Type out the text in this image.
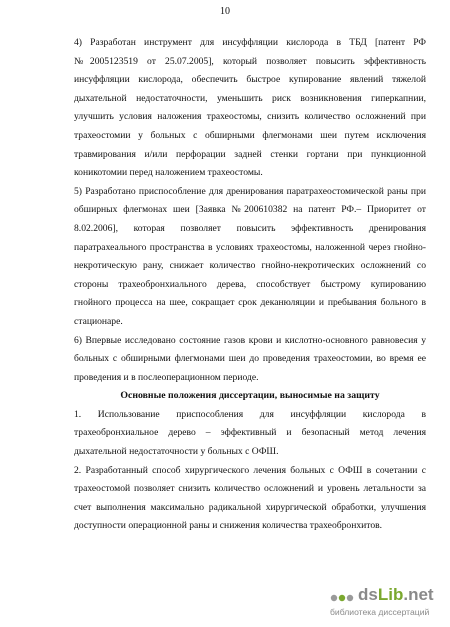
10

4) Разработан инструмент для инсуффляции кислорода в ТБД [патент РФ №2005123519 от 25.07.2005], который позволяет повысить эффективность инсуффляции кислорода, обеспечить быстрое купирование явлений тяжелой дыхательной недостаточности, уменьшить риск возникновения гиперкапнии, улучшить условия наложения трахеостомы, снизить количество осложнений при трахеостомии у больных с обширными флегмонами шеи путем исключения травмирования и/или перфорации задней стенки гортани при пункционной коникотомии перед наложением трахеостомы.

5) Разработано приспособление для дренирования паратрахеостомической раны при обширных флегмонах шеи [Заявка №200610382 на патент РФ.– Приоритет от 8.02.2006], которая позволяет повысить эффективность дренирования паратрахеального пространства в условиях трахеостомы, наложенной через гнойно-некротическую рану, снижает количество гнойно-некротических осложнений со стороны трахеобронхиального дерева, способствует быстрому купированию гнойного процесса на шее, сокращает срок деканюляции и пребывания больного в стационаре.

6) Впервые исследовано состояние газов крови и кислотно-основного равновесия у больных с обширными флегмонами шеи до проведения трахеостомии, во время ее проведения и в послеоперационном периоде.

Основные положения диссертации, выносимые на защиту

1. Использование приспособления для инсуффляции кислорода в трахеобронхиальное дерево – эффективный и безопасный метод лечения дыхательной недостаточности у больных с ОФШ.

2. Разработанный способ хирургического лечения больных с ОФШ в сочетании с трахеостомой позволяет снизить количество осложнений и уровень летальности за счет выполнения максимально радикальной хирургической обработки, улучшения доступности операционной раны и снижения количества трахеобронхитов.

dsLib.net
библиотека диссертаций
